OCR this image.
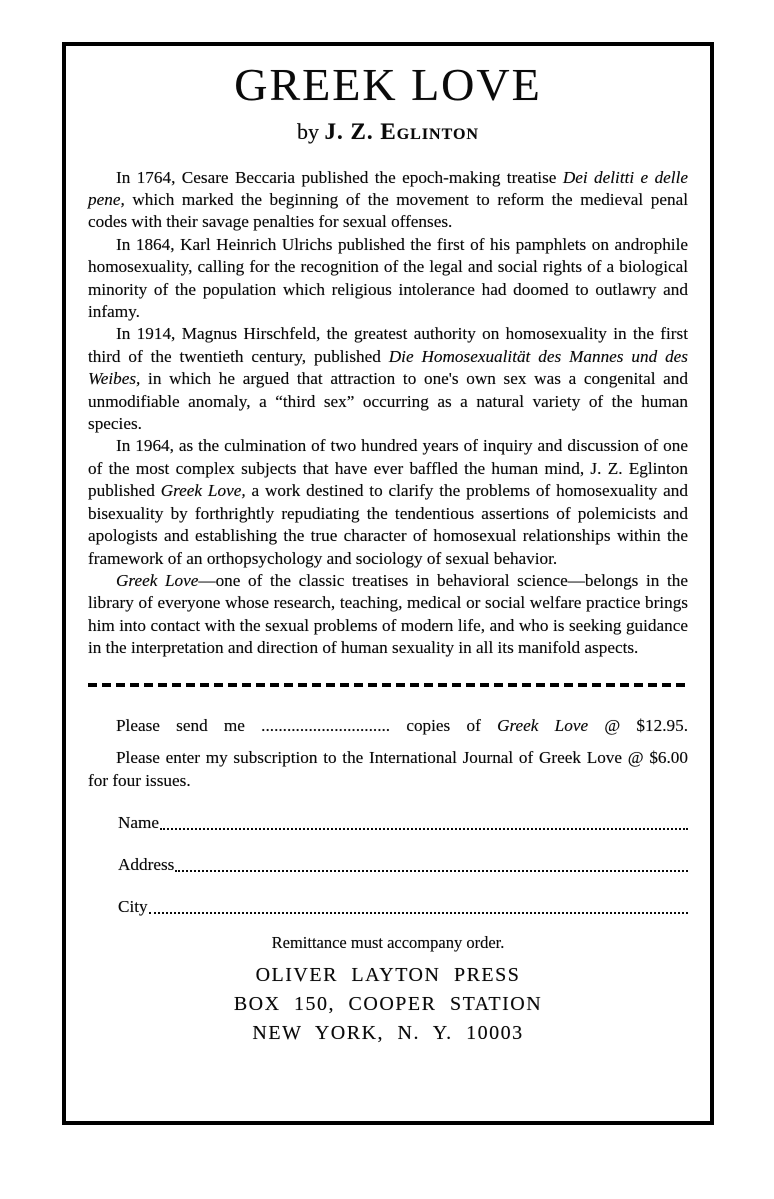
GREEK LOVE
by J. Z. Eglinton

In 1764, Cesare Beccaria published the epoch-making treatise Dei delitti e delle pene, which marked the beginning of the movement to reform the medieval penal codes with their savage penalties for sexual offenses.

In 1864, Karl Heinrich Ulrichs published the first of his pamphlets on androphile homosexuality, calling for the recognition of the legal and social rights of a biological minority of the population which religious intolerance had doomed to outlawry and infamy.

In 1914, Magnus Hirschfeld, the greatest authority on homosexuality in the first third of the twentieth century, published Die Homosexualität des Mannes und des Weibes, in which he argued that attraction to one's own sex was a congenital and unmodifiable anomaly, a “third sex” occurring as a natural variety of the human species.

In 1964, as the culmination of two hundred years of inquiry and discussion of one of the most complex subjects that have ever baffled the human mind, J. Z. Eglinton published Greek Love, a work destined to clarify the problems of homosexuality and bisexuality by forthrightly repudiating the tendentious assertions of polemicists and apologists and establishing the true character of homosexual relationships within the framework of an orthopsychology and sociology of sexual behavior.

Greek Love—one of the classic treatises in behavioral science—belongs in the library of everyone whose research, teaching, medical or social welfare practice brings him into contact with the sexual problems of modern life, and who is seeking guidance in the interpretation and direction of human sexuality in all its manifold aspects.

Please send me .............................. copies of Greek Love @ $12.95.

Please enter my subscription to the International Journal of Greek Love @ $6.00 for four issues.

Name
Address
City

Remittance must accompany order.

OLIVER LAYTON PRESS

BOX 150, COOPER STATION

NEW YORK, N. Y. 10003
